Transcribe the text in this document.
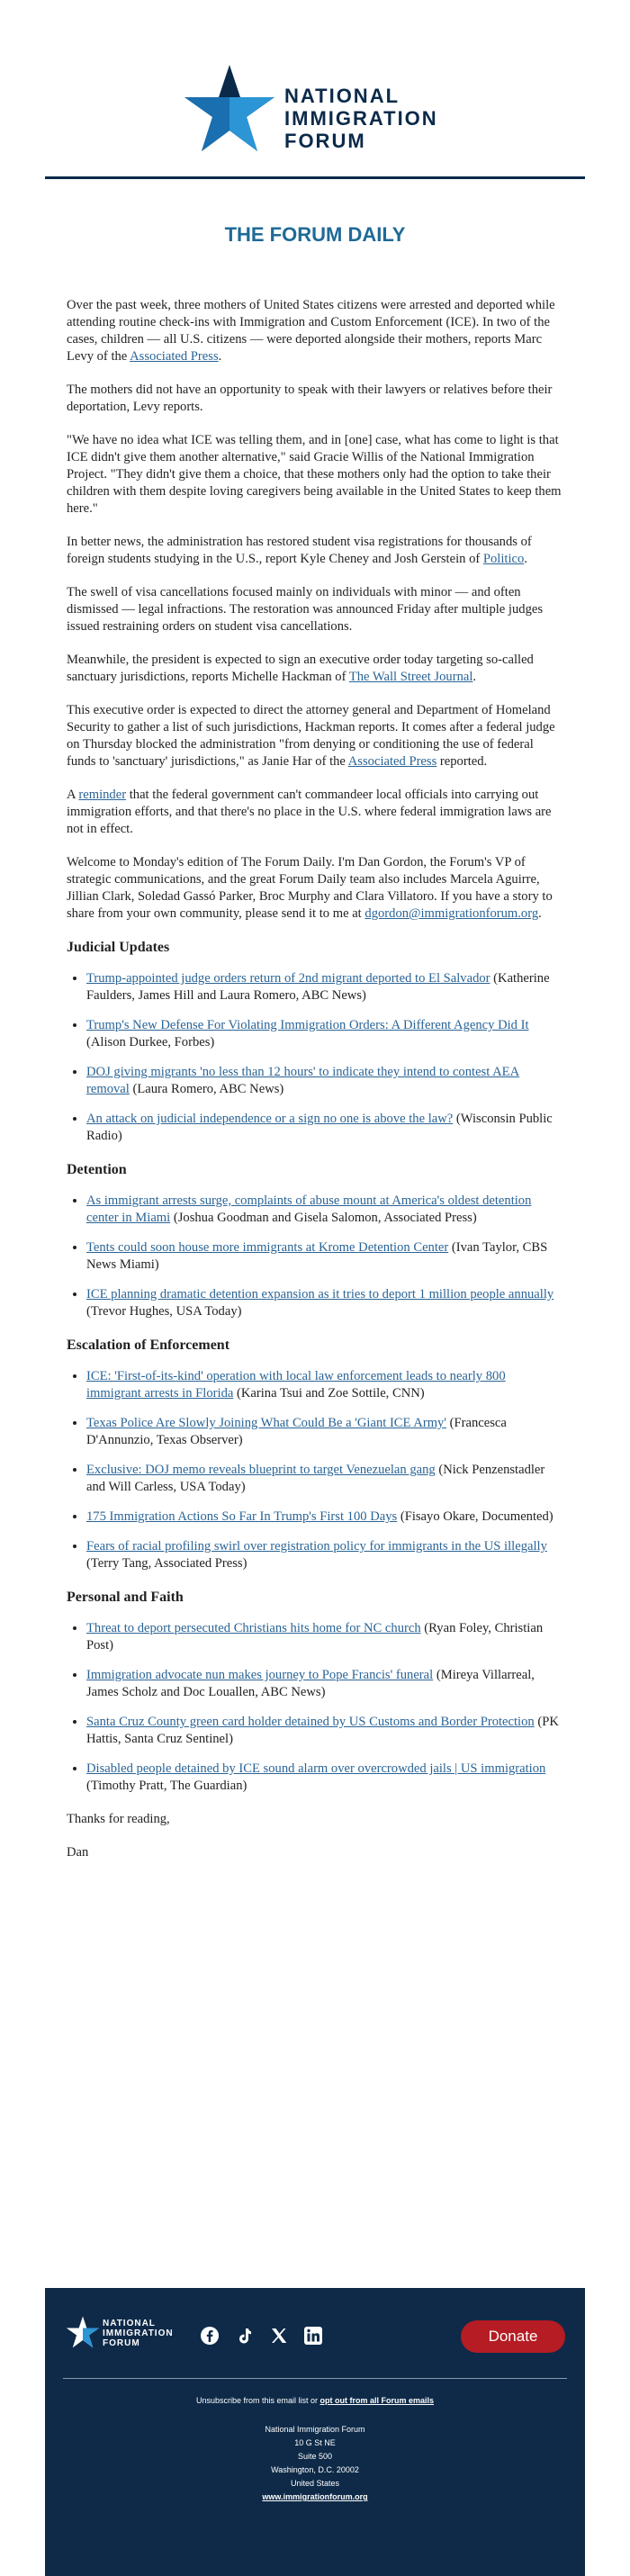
NATIONAL
IMMIGRATION
FORUM
THE FORUM DAILY

Over the past week, three mothers of United States citizens were arrested and deported while attending routine check-ins with Immigration and Custom Enforcement (ICE). In two of the cases, children — all U.S. citizens — were deported alongside their mothers, reports Marc Levy of the Associated Press.

The mothers did not have an opportunity to speak with their lawyers or relatives before their deportation, Levy reports.

"We have no idea what ICE was telling them, and in [one] case, what has come to light is that ICE didn't give them another alternative," said Gracie Willis of the National Immigration Project. "They didn't give them a choice, that these mothers only had the option to take their children with them despite loving caregivers being available in the United States to keep them here."

In better news, the administration has restored student visa registrations for thousands of foreign students studying in the U.S., report Kyle Cheney and Josh Gerstein of Politico.

The swell of visa cancellations focused mainly on individuals with minor — and often dismissed — legal infractions. The restoration was announced Friday after multiple judges issued restraining orders on student visa cancellations.

Meanwhile, the president is expected to sign an executive order today targeting so-called sanctuary jurisdictions, reports Michelle Hackman of The Wall Street Journal.

This executive order is expected to direct the attorney general and Department of Homeland Security to gather a list of such jurisdictions, Hackman reports. It comes after a federal judge on Thursday blocked the administration "from denying or conditioning the use of federal funds to 'sanctuary' jurisdictions," as Janie Har of the Associated Press reported.

A reminder that the federal government can't commandeer local officials into carrying out immigration efforts, and that there's no place in the U.S. where federal immigration laws are not in effect.

Welcome to Monday's edition of The Forum Daily. I'm Dan Gordon, the Forum's VP of strategic communications, and the great Forum Daily team also includes Marcela Aguirre, Jillian Clark, Soledad Gassó Parker, Broc Murphy and Clara Villatoro. If you have a story to share from your own community, please send it to me at dgordon@immigrationforum.org.

Judicial Updates
• Trump-appointed judge orders return of 2nd migrant deported to El Salvador (Katherine Faulders, James Hill and Laura Romero, ABC News)
• Trump's New Defense For Violating Immigration Orders: A Different Agency Did It (Alison Durkee, Forbes)
• DOJ giving migrants 'no less than 12 hours' to indicate they intend to contest AEA removal (Laura Romero, ABC News)
• An attack on judicial independence or a sign no one is above the law? (Wisconsin Public Radio)
Detention
• As immigrant arrests surge, complaints of abuse mount at America's oldest detention center in Miami (Joshua Goodman and Gisela Salomon, Associated Press)
• Tents could soon house more immigrants at Krome Detention Center (Ivan Taylor, CBS News Miami)
• ICE planning dramatic detention expansion as it tries to deport 1 million people annually (Trevor Hughes, USA Today)
Escalation of Enforcement
• ICE: 'First-of-its-kind' operation with local law enforcement leads to nearly 800 immigrant arrests in Florida (Karina Tsui and Zoe Sottile, CNN)
• Texas Police Are Slowly Joining What Could Be a 'Giant ICE Army' (Francesca D'Annunzio, Texas Observer)
• Exclusive: DOJ memo reveals blueprint to target Venezuelan gang (Nick Penzenstadler and Will Carless, USA Today)
• 175 Immigration Actions So Far In Trump's First 100 Days (Fisayo Okare, Documented)
• Fears of racial profiling swirl over registration policy for immigrants in the US illegally (Terry Tang, Associated Press)
Personal and Faith
• Threat to deport persecuted Christians hits home for NC church (Ryan Foley, Christian Post)
• Immigration advocate nun makes journey to Pope Francis' funeral (Mireya Villarreal, James Scholz and Doc Louallen, ABC News)
• Santa Cruz County green card holder detained by US Customs and Border Protection (PK Hattis, Santa Cruz Sentinel)
• Disabled people detained by ICE sound alarm over overcrowded jails | US immigration (Timothy Pratt, The Guardian)

Thanks for reading,

Dan

NATIONAL
IMMIGRATION
FORUM
	Donate
Unsubscribe from this email list or opt out from all Forum emails
National Immigration Forum
10 G St NE
Suite 500
Washington, D.C. 20002
United States
www.immigrationforum.org
